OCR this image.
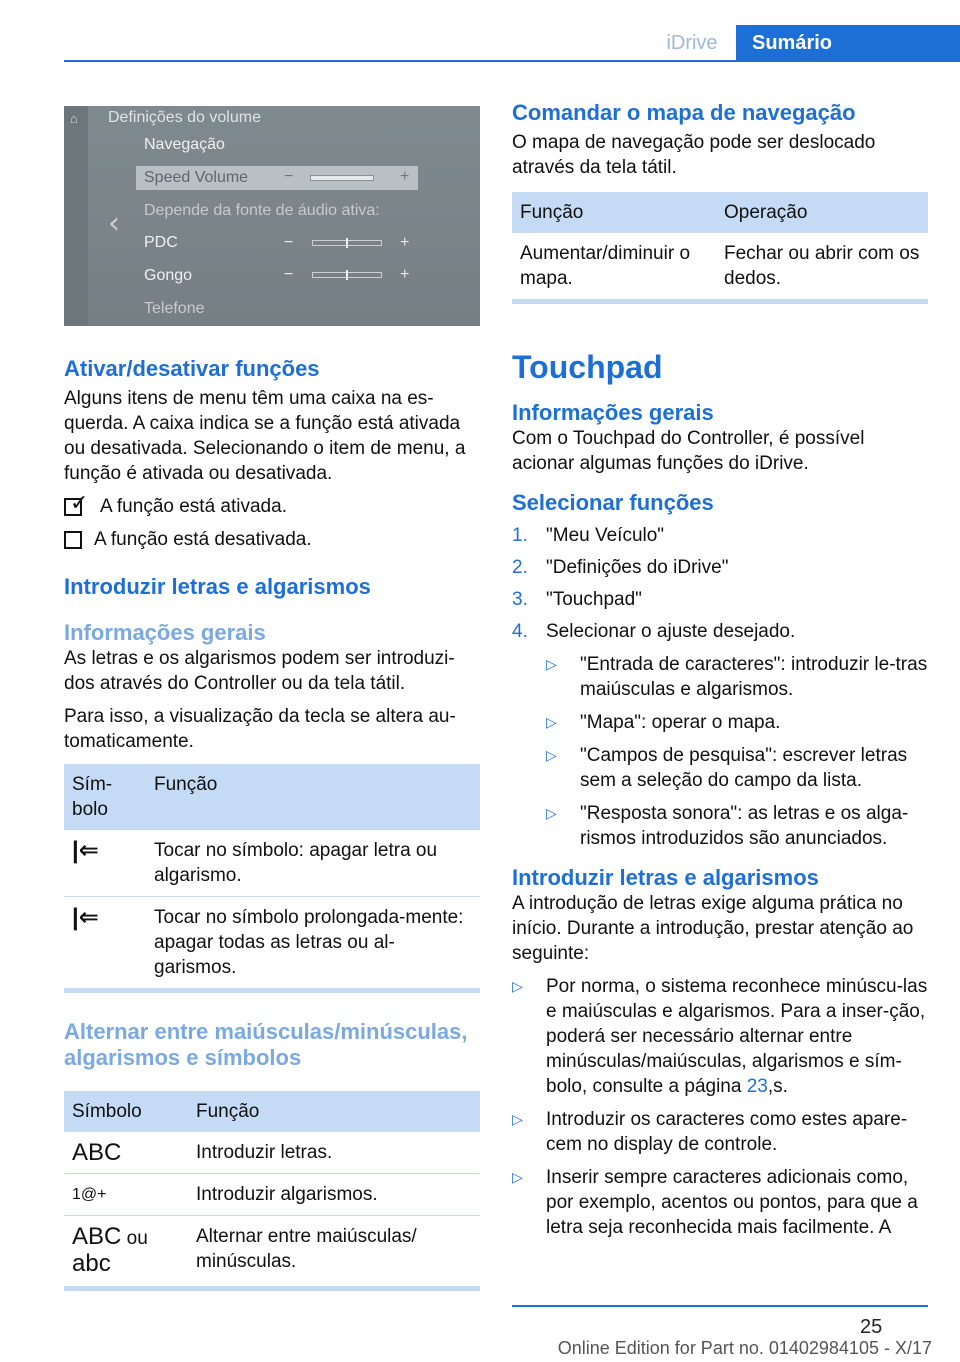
iDrive	Sumário
⌂	Definições do volume
‹
Navegação
Speed Volume −	+
Depende da fonte de áudio ativa:
PDC	−	+
Gongo	−	+
Telefone
Ativar/desativar funções

Alguns itens de menu têm uma caixa na es-querda. A caixa indica se a função está ativada ou desativada. Selecionando o item de menu, a função é ativada ou desativada.

✓ A função está ativada.
A função está desativada.
Introduzir letras e algarismos
Informações gerais

As letras e os algarismos podem ser introduzi-dos através do Controller ou da tela tátil.

Para isso, a visualização da tecla se altera au-tomaticamente.

Sím-bolo	Função
|⇐	Tocar no símbolo: apagar letra ou algarismo.
|⇐	Tocar no símbolo prolongada-mente: apagar todas as letras ou al-garismos.
Alternar entre maiúsculas/minúsculas, algarismos e símbolos
Símbolo	Função
ABC	Introduzir letras.
1@+	Introduzir algarismos.
ABC ou
abc	Alternar entre maiúsculas/ minúsculas.
Comandar o mapa de navegação

O mapa de navegação pode ser deslocado através da tela tátil.

Função	Operação
Aumentar/diminuir o mapa.	Fechar ou abrir com os dedos.
Touchpad
Informações gerais

Com o Touchpad do Controller, é possível acionar algumas funções do iDrive.

Selecionar funções
1. "Meu Veículo"
2. "Definições do iDrive"
3. "Touchpad"
4. Selecionar o ajuste desejado.
▷	"Entrada de caracteres": introduzir le-tras maiúsculas e algarismos.
▷	"Mapa": operar o mapa.
▷	"Campos de pesquisa": escrever letras sem a seleção do campo da lista.
▷	"Resposta sonora": as letras e os alga-rismos introduzidos são anunciados.
Introduzir letras e algarismos

A introdução de letras exige alguma prática no início. Durante a introdução, prestar atenção ao seguinte:

▷	Por norma, o sistema reconhece minúscu-las e maiúsculas e algarismos. Para a inser-ção, poderá ser necessário alternar entre minúsculas/maiúsculas, algarismos e sím-bolo, consulte a página 23,s.
▷	Introduzir os caracteres como estes apare-cem no display de controle.
▷	Inserir sempre caracteres adicionais como, por exemplo, acentos ou pontos, para que a letra seja reconhecida mais facilmente. A
25
Online Edition for Part no. 01402984105 - X/17
